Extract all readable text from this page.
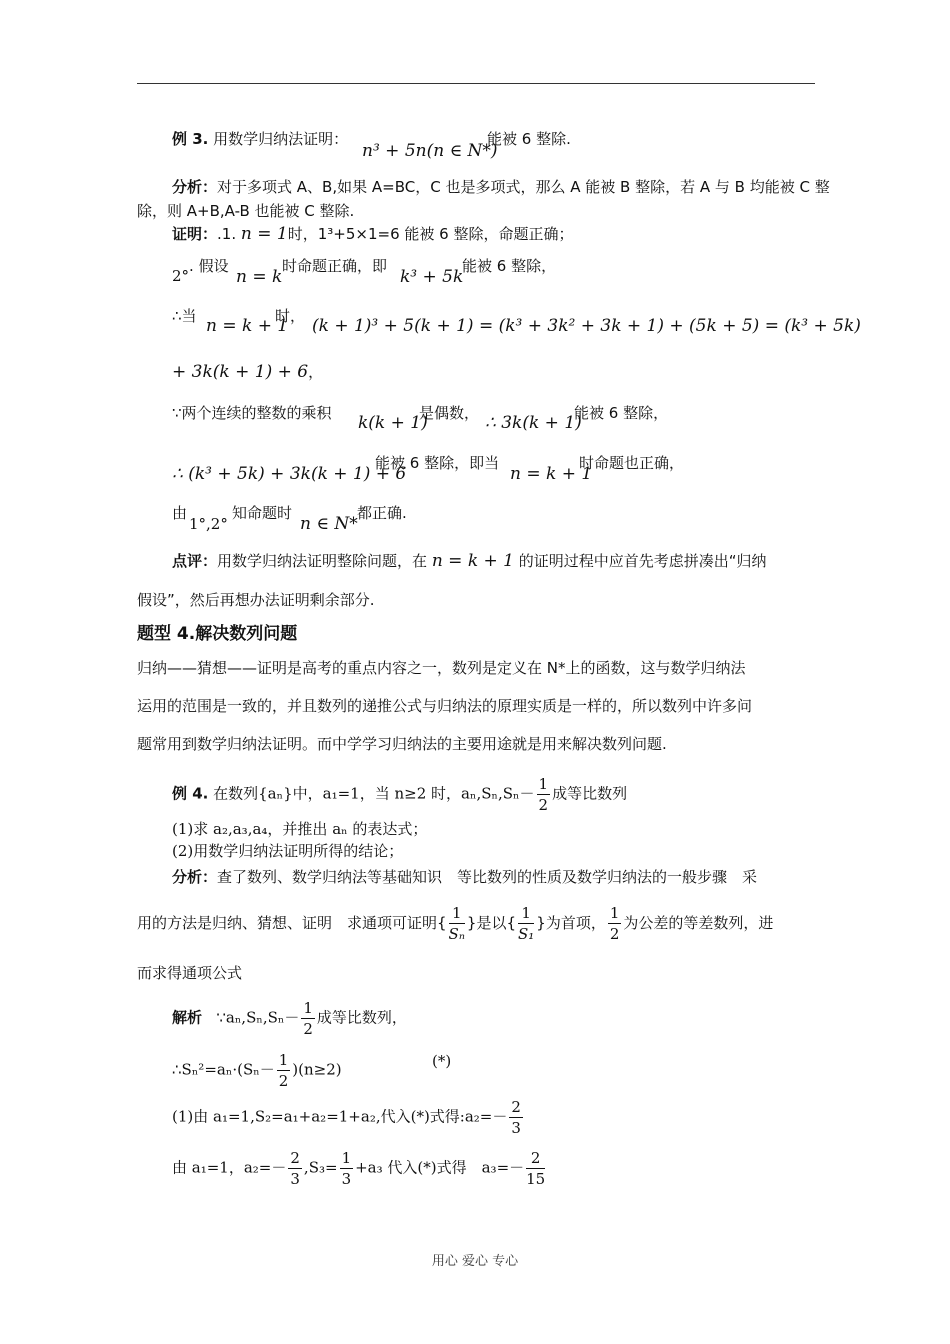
例 3. 用数学归纳法证明：
n³ + 5n(n ∈ N*)
能被 6 整除.
分析：对于多项式 A、B,如果 A=BC，C 也是多项式，那么 A 能被 B 整除，若 A 与 B 均能被 C 整
除，则 A+B,A-B 也能被 C 整除.
证明：.1. n = 1时，1³+5×1=6 能被 6 整除，命题正确；
2°. 假设
n = k
时命题正确，即
k³ + 5k
能被 6 整除，
∴当 n = k + 1
时， (k + 1)³ + 5(k + 1) = (k³ + 3k² + 3k + 1) + (5k + 5) = (k³ + 5k)
+ 3k(k + 1) + 6，
∵两个连续的整数的乘积 k(k + 1)
是偶数， ∴ 3k(k + 1)
能被 6 整除，
∴ (k³ + 5k) + 3k(k + 1) + 6
能被 6 整除，即当
n = k + 1
时命题也正确，
由
1°,2°
知命题时
n ∈ N*
都正确.
点评：用数学归纳法证明整除问题，在 n = k + 1 的证明过程中应首先考虑拼凑出“归纳
假设”，然后再想办法证明剩余部分.
题型 4.解决数列问题
归纳——猜想——证明是高考的重点内容之一，数列是定义在 N*上的函数，这与数学归纳法
运用的范围是一致的，并且数列的递推公式与归纳法的原理实质是一样的，所以数列中许多问
题常用到数学归纳法证明。而中学学习归纳法的主要用途就是用来解决数列问题.
例 4. 在数列{aₙ}中，a₁=1，当 n≥2 时，$a_n,S_n,S_n- \frac{1}{2}$ 成等比数列
(1)求 a₂,a₃,a₄，并推出 aₙ 的表达式；
(2)用数学归纳法证明所得的结论；
分析：查了数列、数学归纳法等基础知识　等比数列的性质及数学归纳法的一般步骤　采
用的方法是归纳、猜想、证明　求通项可证明{ $\frac{1}{\text{Sₙ}}$ }是以{ $\frac{1}{\text{S₁}}$ }为首项， $\frac{1}{2}$ 为公差的等差数列，进
而求得通项公式
解析 ∵aₙ,Sₙ,Sₙ－ $\frac{1}{2}$ 成等比数列，
∴Sₙ²=aₙ·(Sₙ－ $\frac{1}{2} )(n\ge 2)$	(*)
(1)由 a₁=1,S₂=a₁+a₂=1+a₂,代入(*)式得:a₂=－ $\frac{2}{3}$
由 a₁=1，$a_2=- \frac{2}{3} ,S_3= \frac{1}{3} +a_3$ 代入(*)式得　$a_3=- \frac{2}{15}$
用心 爱心 专心
